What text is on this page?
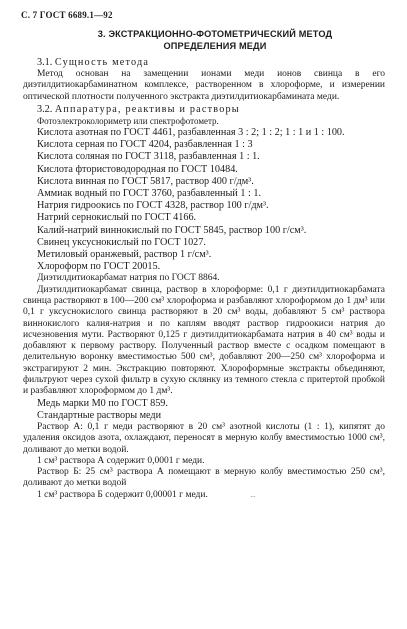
С. 7 ГОСТ 6689.1—92
3. ЭКСТРАКЦИОННО-ФОТОМЕТРИЧЕСКИЙ МЕТОД
ОПРЕДЕЛЕНИЯ МЕДИ
3.1. Сущность метода

Метод основан на замещении ионами меди ионов свинца в его диэтилдитиокарбаминатном комплексе, растворенном в хлороформе, и измерении оптической плотности полученного экстракта диэтилдитиокарбамината меди.

3.2. Аппаратура, реактивы и растворы

Фотоэлектроколориметр или спектрофотометр.

Кислота азотная по ГОСТ 4461, разбавленная 3 : 2; 1 : 2; 1 : 1 и 1 : 100.

Кислота серная по ГОСТ 4204, разбавленная 1 : 3

Кислота соляная по ГОСТ 3118, разбавленная 1 : 1.

Кислота фтористоводородная по ГОСТ 10484.

Кислота винная по ГОСТ 5817, раствор 400 г/дм³.

Аммиак водный по ГОСТ 3760, разбавленный 1 : 1.

Натрия гидроокись по ГОСТ 4328, раствор 100 г/дм³.

Натрий сернокислый по ГОСТ 4166.

Калий-натрий виннокислый по ГОСТ 5845, раствор 100 г/см³.

Свинец уксуснокислый по ГОСТ 1027.

Метиловый оранжевый, раствор 1 г/см³.

Хлороформ по ГОСТ 20015.

Диэтилдитиокарбамат натрия по ГОСТ 8864.

Диэтилдитиокарбамат свинца, раствор в хлороформе: 0,1 г диэтилдитиокарбамата свинца растворяют в 100—200 см³ хлороформа и разбавляют хлороформом до 1 дм³ или 0,1 г уксуснокислого свинца растворяют в 20 см³ воды, добавляют 5 см³ раствора виннокислого калия-натрия и по каплям вводят раствор гидроокиси натрия до исчезновения мути. Растворяют 0,125 г диэтилдитиокарбамата натрия в 40 см³ воды и добавляют к первому раствору. Полученный раствор вместе с осадком помещают в делительную воронку вместимостью 500 см³, добавляют 200—250 см³ хлороформа и экстрагируют 2 мин. Экстракцию повторяют. Хлороформные экстракты объединяют, фильтруют через сухой фильтр в сухую склянку из темного стекла с притертой пробкой и разбавляют хлороформом до 1 дм³.

Медь марки М0 по ГОСТ 859.

Стандартные растворы меди

Раствор А: 0,1 г меди растворяют в 20 см³ азотной кислоты (1 : 1), кипятят до удаления оксидов азота, охлаждают, переносят в мерную колбу вместимостью 1000 см³, доливают до метки водой.

1 см³ раствора А содержит 0,0001 г меди.

Раствор Б: 25 см³ раствора А помещают в мерную колбу вместимостью 250 см³, доливают до метки водой

1 см³ раствора Б содержит 0,00001 г меди.	...
